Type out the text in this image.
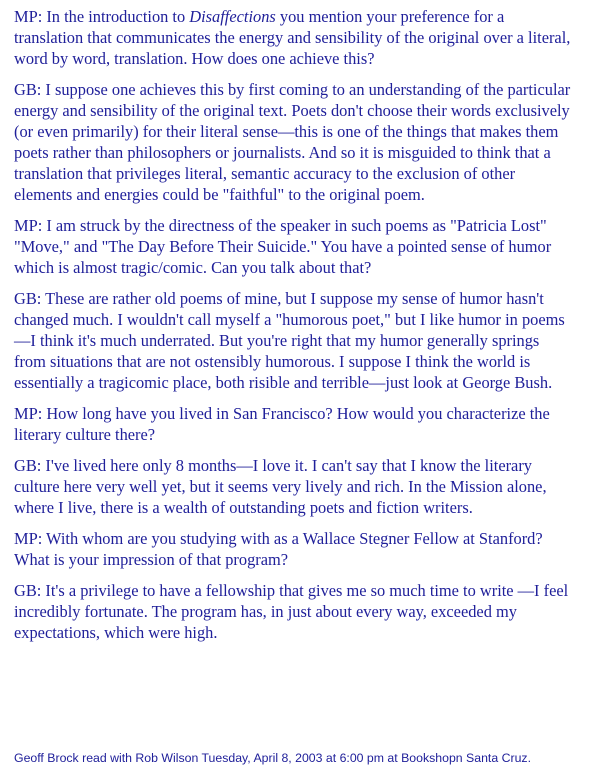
MP: In the introduction to Disaffections you mention your preference for a translation that communicates the energy and sensibility of the original over a literal, word by word, translation. How does one achieve this?

GB: I suppose one achieves this by first coming to an understanding of the particular energy and sensibility of the original text. Poets don't choose their words exclusively (or even primarily) for their literal sense—this is one of the things that makes them poets rather than philosophers or journalists. And so it is misguided to think that a translation that privileges literal, semantic accuracy to the exclusion of other elements and energies could be "faithful" to the original poem.

MP: I am struck by the directness of the speaker in such poems as "Patricia Lost" "Move," and "The Day Before Their Suicide." You have a pointed sense of humor which is almost tragic/comic. Can you talk about that?

GB: These are rather old poems of mine, but I suppose my sense of humor hasn't changed much. I wouldn't call myself a "humorous poet," but I like humor in poems—I think it's much underrated. But you're right that my humor generally springs from situations that are not ostensibly humorous. I suppose I think the world is essentially a tragicomic place, both risible and terrible—just look at George Bush.

MP: How long have you lived in San Francisco? How would you characterize the literary culture there?

GB: I've lived here only 8 months—I love it. I can't say that I know the literary culture here very well yet, but it seems very lively and rich. In the Mission alone, where I live, there is a wealth of outstanding poets and fiction writers.

MP: With whom are you studying with as a Wallace Stegner Fellow at Stanford? What is your impression of that program?

GB: It's a privilege to have a fellowship that gives me so much time to write —I feel incredibly fortunate. The program has, in just about every way, exceeded my expectations, which were high.

Geoff Brock read with Rob Wilson Tuesday, April 8, 2003 at 6:00 pm at Bookshopn Santa Cruz.
